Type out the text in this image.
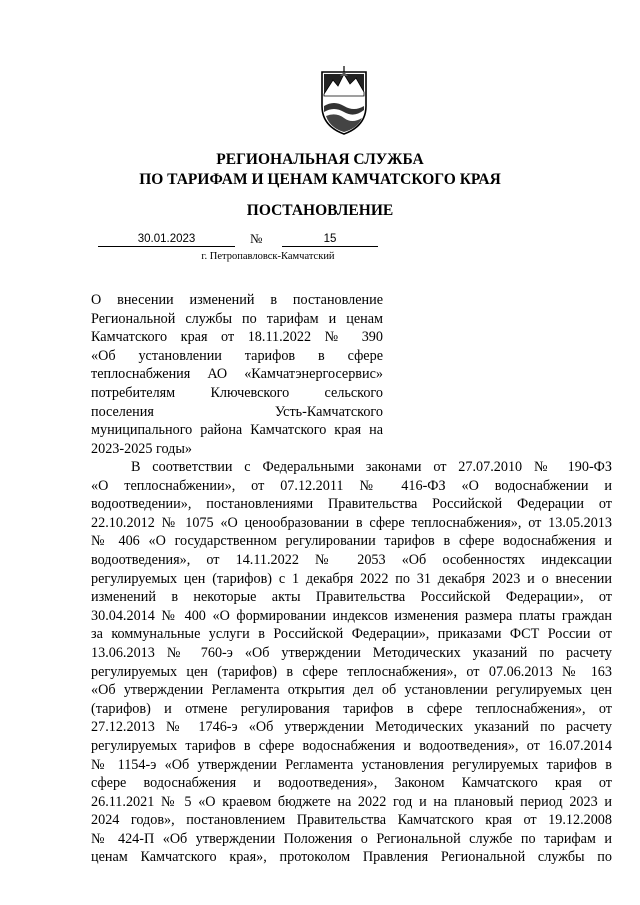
РЕГИОНАЛЬНАЯ СЛУЖБА
ПО ТАРИФАМ И ЦЕНАМ КАМЧАТСКОГО КРАЯ
ПОСТАНОВЛЕНИЕ
30.01.2023	№	15
г. Петропавловск-Камчатский
О внесении изменений в постановление
Региональной службы по тарифам и ценам
Камчатского края от 18.11.2022 № 390
«Об установлении тарифов в сфере
теплоснабжения АО «Камчатэнергосервис»
потребителям Ключевского сельского
поселения Усть-Камчатского
муниципального района Камчатского края на
2023-2025 годы»
В соответствии с Федеральными законами от 27.07.2010 № 190-ФЗ
«О теплоснабжении», от 07.12.2011 № 416-ФЗ «О водоснабжении и
водоотведении», постановлениями Правительства Российской Федерации от
22.10.2012 № 1075 «О ценообразовании в сфере теплоснабжения», от 13.05.2013
№ 406 «О государственном регулировании тарифов в сфере водоснабжения и
водоотведения», от 14.11.2022 № 2053 «Об особенностях индексации
регулируемых цен (тарифов) с 1 декабря 2022 по 31 декабря 2023 и о внесении
изменений в некоторые акты Правительства Российской Федерации», от
30.04.2014 № 400 «О формировании индексов изменения размера платы граждан
за коммунальные услуги в Российской Федерации», приказами ФСТ России от
13.06.2013 № 760-э «Об утверждении Методических указаний по расчету
регулируемых цен (тарифов) в сфере теплоснабжения», от 07.06.2013 № 163
«Об утверждении Регламента открытия дел об установлении регулируемых цен
(тарифов) и отмене регулирования тарифов в сфере теплоснабжения», от
27.12.2013 № 1746-э «Об утверждении Методических указаний по расчету
регулируемых тарифов в сфере водоснабжения и водоотведения», от 16.07.2014
№ 1154-э «Об утверждении Регламента установления регулируемых тарифов в
сфере водоснабжения и водоотведения», Законом Камчатского края от
26.11.2021 № 5 «О краевом бюджете на 2022 год и на плановый период 2023 и
2024 годов», постановлением Правительства Камчатского края от 19.12.2008
№ 424-П «Об утверждении Положения о Региональной службе по тарифам и
ценам Камчатского края», протоколом Правления Региональной службы по
